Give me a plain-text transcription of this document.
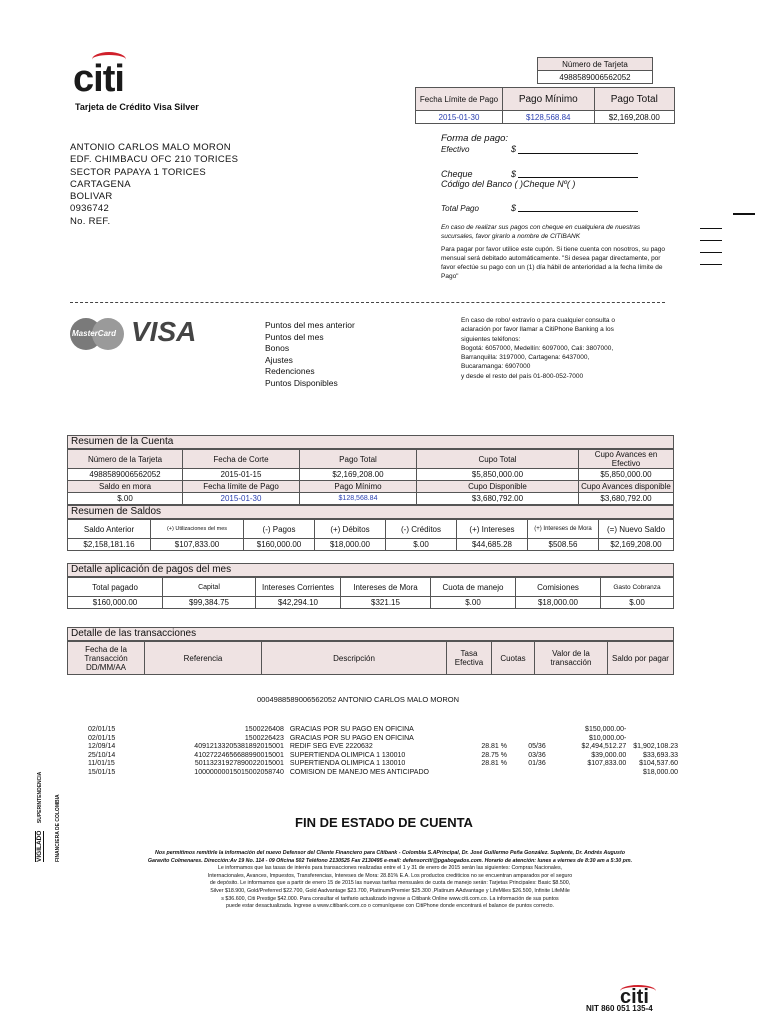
citi
Tarjeta de Crédito Visa Silver
Número de Tarjeta
4988589006562052
Fecha Límite de Pago	Pago Mínimo	Pago Total
2015-01-30	$128,568.84	$2,169,208.00
ANTONIO CARLOS MALO MORON
EDF. CHIMBACU OFC 210 TORICES
SECTOR PAPAYA 1 TORICES
CARTAGENA
BOLIVAR
0936742
No. REF.
Forma de pago:
Efectivo	$
Cheque	$
Código del Banco ( )Cheque Nº( )
Total Pago	$
En caso de realizar sus pagos con cheque en cualquiera de nuestras sucursales, favor girarlo a nombre de CITIBANK
Para pagar por favor utilice este cupón. Si tiene cuenta con nosotros, su pago mensual será debitado automáticamente. "Si desea pagar directamente, por favor efectúe su pago con un (1) día hábil de anterioridad a la fecha límite de Pago"
MasterCard VISA	Puntos del mes anterior
Puntos del mes
Bonos
Ajustes
Redenciones
Puntos Disponibles
En caso de robo/ extravío o para cualquier consulta o
aclaración por favor llamar a CitiPhone Banking a los
siguientes teléfonos:
Bogotá: 6057000, Medellín: 6097000, Cali: 3807000,
Barranquilla: 3197000, Cartagena: 6437000,
Bucaramanga: 6907000
y desde el resto del país 01-800-052-7000
Resumen de la Cuenta
Número de la Tarjeta	Fecha de Corte	Pago Total	Cupo Total	Cupo Avances en Efectivo
4988589006562052	2015-01-15	$2,169,208.00	$5,850,000.00	$5,850,000.00
Saldo en mora	Fecha límite de Pago	Pago Mínimo	Cupo Disponible	Cupo Avances disponible
$.00	2015-01-30	$128,568.84	$3,680,792.00	$3,680,792.00
Resumen de Saldos
Saldo Anterior	(+) Utilizaciones del mes	(-) Pagos	(+) Débitos	(-) Créditos	(+) Intereses	(+) Intereses de Mora	(=) Nuevo Saldo
$2,158,181.16	$107,833.00	$160,000.00	$18,000.00	$.00	$44,685.28	$508.56	$2,169,208.00
Detalle aplicación de pagos del mes
Total pagado	Capital	Intereses Corrientes	Intereses de Mora	Cuota de manejo	Comisiones	Gasto Cobranza
$160,000.00	$99,384.75	$42,294.10	$321.15	$.00	$18,000.00	$.00
Detalle de las transacciones
Fecha de la Transacción DD/MM/AA	Referencia	Descripción	Tasa Efectiva	Cuotas	Valor de la transacción	Saldo por pagar
0004988589006562052 ANTONIO CARLOS MALO MORON
02/01/15	1500226408	GRACIAS POR SU PAGO EN OFICINA			$150,000.00-	
02/01/15	1500226423	GRACIAS POR SU PAGO EN OFICINA			$10,000.00-	
12/09/14	40912133205381892015001	REDIF SEG EVE 2220632	28.81 %	05/36	$2,494,512.27	$1,902,108.23
25/10/14	41027224656688990015001	SUPERTIENDA OLIMPICA 1 130010	28.75 %	03/36	$39,000.00	$33,693.33
11/01/15	50113231927890022015001	SUPERTIENDA OLIMPICA 1 130010	28.81 %	01/36	$107,833.00	$104,537.60
15/01/15	10000000015015002058740	COMISION DE MANEJO MES ANTICIPADO				$18,000.00
FIN DE ESTADO DE CUENTA
Nos permitimos remitirle la información del nuevo Defensor del Cliente Financiero para Citibank - Colombia S.APrincipal, Dr. José Guillermo Peña González. Suplente, Dr. Andrés Augusto
Garavito Colmenares. Dirección:Av 19 No. 114 - 09 Oficina 502 Teléfono 2130525 Fax 2130495 e-mail: defensorciti@pgabogados.com. Horario de atención: lunes a viernes de 8:30 am a 5:30 pm.
Le informamos que las tasas de interés para transacciones realizadas entre el 1 y 31 de enero de 2015 serán las siguientes: Compras Nacionales,
Internacionales, Avances, Impuestos, Transferencias, Intereses de Mora: 28.81% E.A. Los productos crediticios no se encuentran amparados por el seguro
de depósito. Le informamos que a partir de enero 15 de 2015 las nuevas tarifas mensuales de cuota de manejo serán: Tarjetas Principales: Basic $8.500,
Silver $18.900, Gold/Preferred $22.700, Gold Aadvantage $23.700, Platinum/Premier $25.300 ,Platinum AAdvantage y LifeMiles $26.500, Infinite LifeMile
s $36.600, Citi Prestige $42.000. Para consultar el tarifario actualizado ingrese a Citibank Online www.citi.com.co. La información de sus puntos
puede estar desactualizada. Ingrese a www.citibank.com.co o comuníquese con CitiPhone donde encontrará el balance de puntos correcto.
VIGILADO SUPERINTENDENCIA FINANCIERA DE COLOMBIA
citi
NIT 860 051 135-4
